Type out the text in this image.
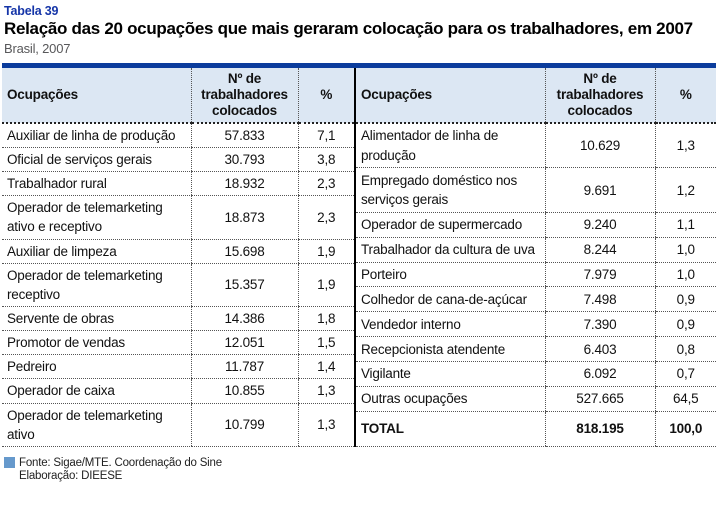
Tabela 39
Relação das 20 ocupações que mais geraram colocação para os trabalhadores, em 2007
Brasil, 2007
Ocupações	Nº de trabalhadores colocados	%
Auxiliar de linha de produção	57.833	7,1
Oficial de serviços gerais	30.793	3,8
Trabalhador rural	18.932	2,3
Operador de telemarketing ativo e receptivo	18.873	2,3
Auxiliar de limpeza	15.698	1,9
Operador de telemarketing receptivo	15.357	1,9
Servente de obras	14.386	1,8
Promotor de vendas	12.051	1,5
Pedreiro	11.787	1,4
Operador de caixa	10.855	1,3
Operador de telemarketing ativo	10.799	1,3
Ocupações	Nº de trabalhadores colocados	%
Alimentador de linha de produção	10.629	1,3
Empregado doméstico nos serviços gerais	9.691	1,2
Operador de supermercado	9.240	1,1
Trabalhador da cultura de uva	8.244	1,0
Porteiro	7.979	1,0
Colhedor de cana-de-açúcar	7.498	0,9
Vendedor interno	7.390	0,9
Recepcionista atendente	6.403	0,8
Vigilante	6.092	0,7
Outras ocupações	527.665	64,5
TOTAL	818.195	100,0
Fonte: Sigae/MTE. Coordenação do Sine
Elaboração: DIEESE
